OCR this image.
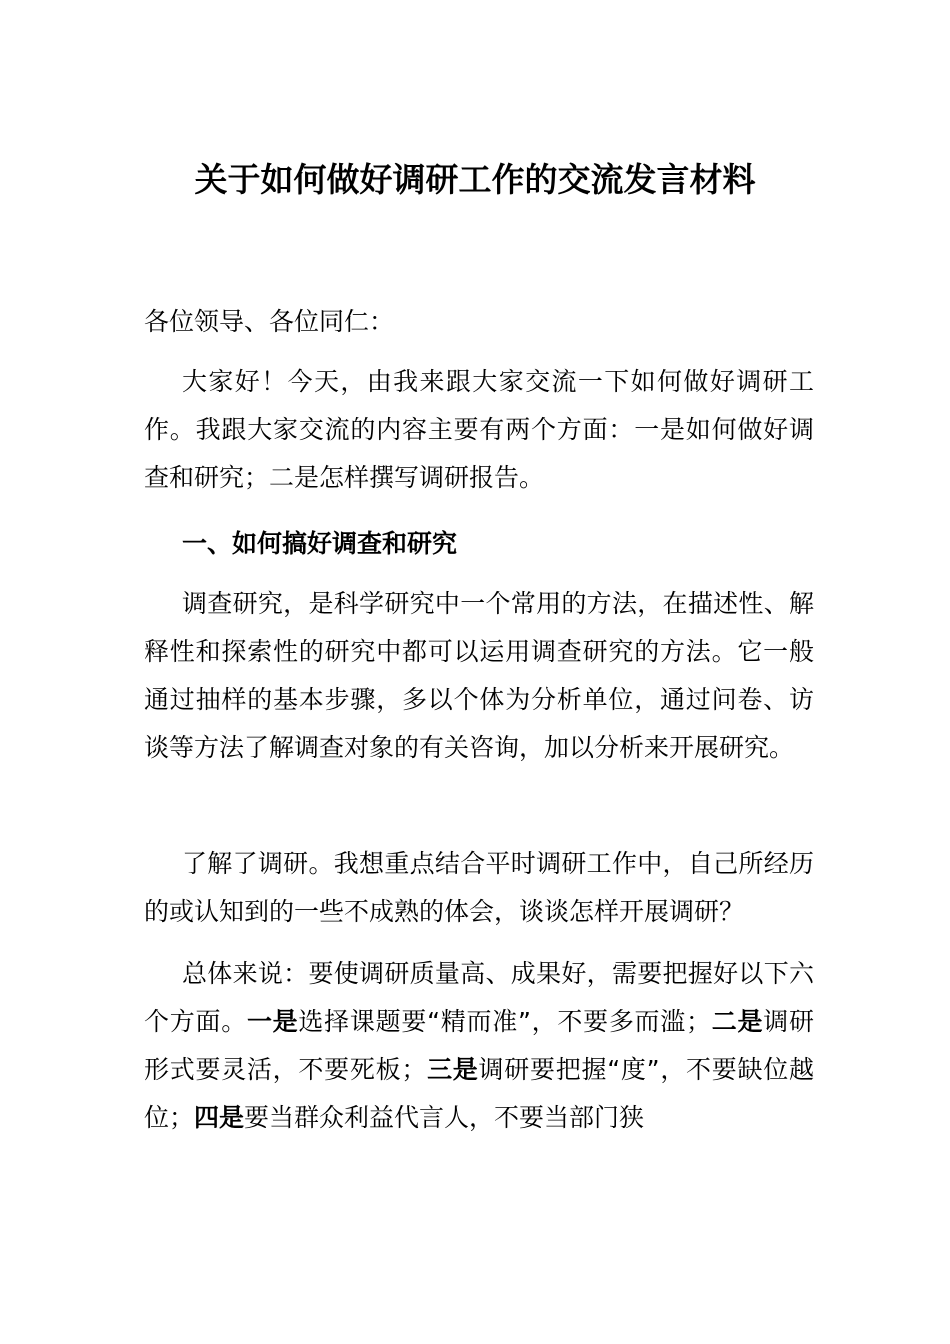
关于如何做好调研工作的交流发言材料

各位领导、各位同仁：

大家好！今天，由我来跟大家交流一下如何做好调研工作。我跟大家交流的内容主要有两个方面：一是如何做好调查和研究；二是怎样撰写调研报告。

一、如何搞好调查和研究

调查研究，是科学研究中一个常用的方法，在描述性、解释性和探索性的研究中都可以运用调查研究的方法。它一般通过抽样的基本步骤，多以个体为分析单位，通过问卷、访谈等方法了解调查对象的有关咨询，加以分析来开展研究。

了解了调研。我想重点结合平时调研工作中，自己所经历的或认知到的一些不成熟的体会，谈谈怎样开展调研？

总体来说：要使调研质量高、成果好，需要把握好以下六个方面。一是选择课题要“精而准”，不要多而滥；二是调研形式要灵活，不要死板；三是调研要把握“度”，不要缺位越位；四是要当群众利益代言人，不要当部门狭
